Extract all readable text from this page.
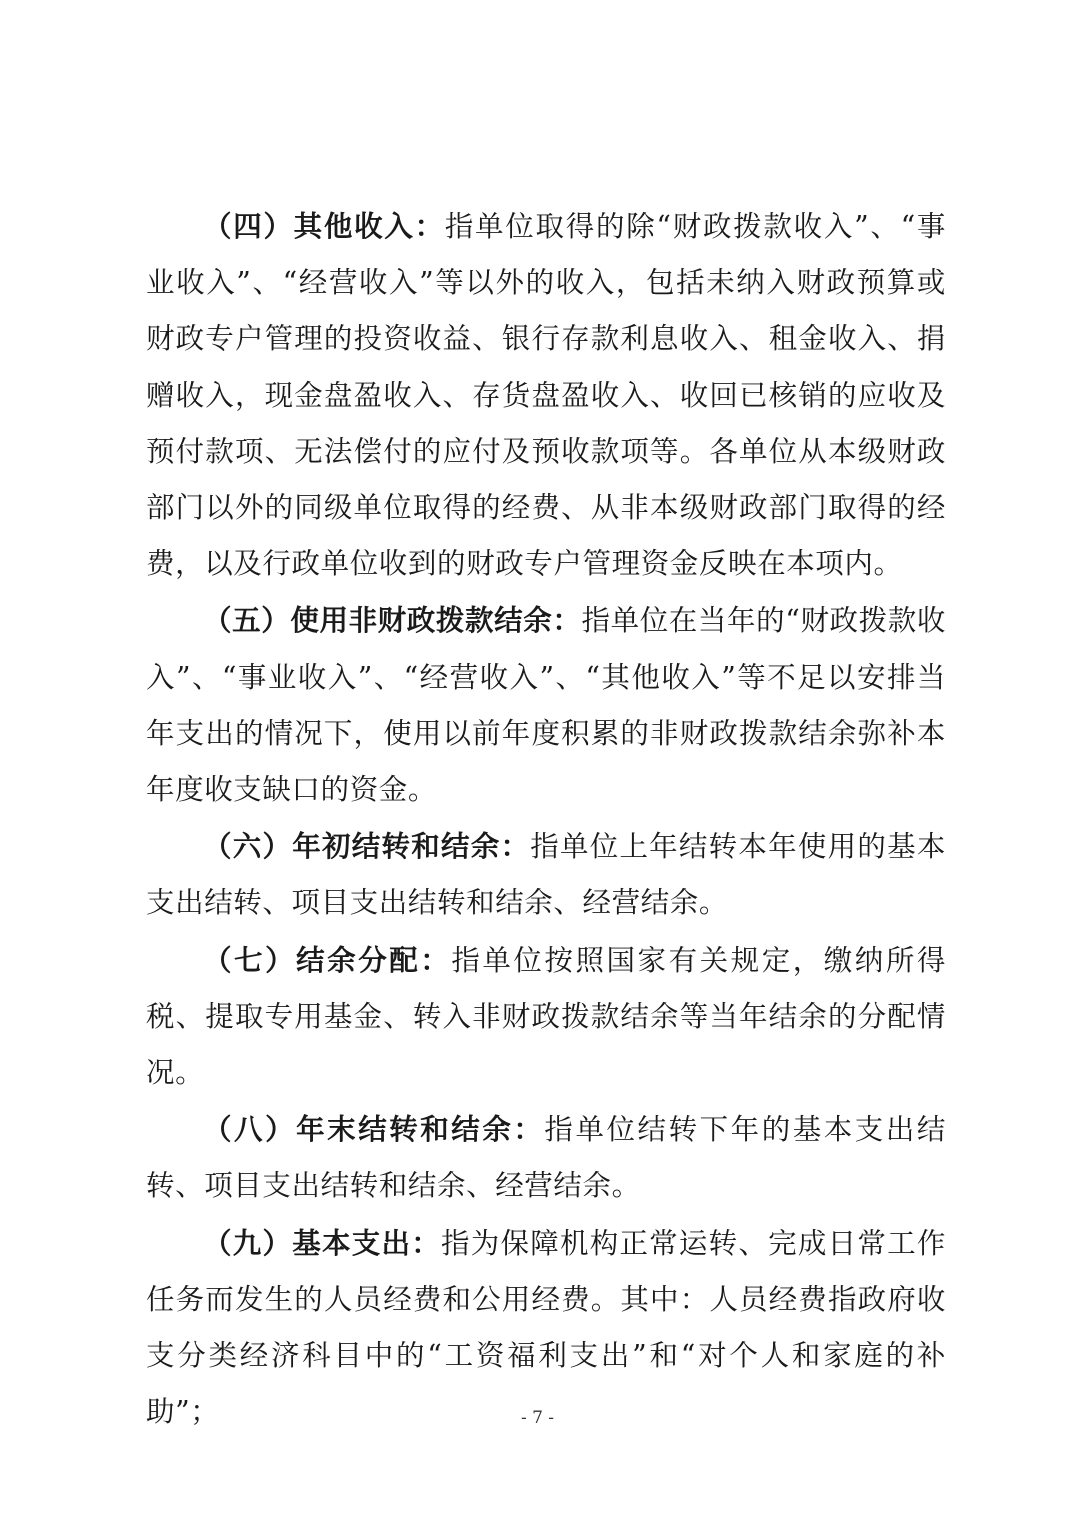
（四）其他收入：指单位取得的除“财政拨款收入”、“事业收入”、“经营收入”等以外的收入，包括未纳入财政预算或财政专户管理的投资收益、银行存款利息收入、租金收入、捐赠收入，现金盘盈收入、存货盘盈收入、收回已核销的应收及预付款项、无法偿付的应付及预收款项等。各单位从本级财政部门以外的同级单位取得的经费、从非本级财政部门取得的经费，以及行政单位收到的财政专户管理资金反映在本项内。

（五）使用非财政拨款结余：指单位在当年的“财政拨款收入”、“事业收入”、“经营收入”、“其他收入”等不足以安排当年支出的情况下，使用以前年度积累的非财政拨款结余弥补本年度收支缺口的资金。

（六）年初结转和结余：指单位上年结转本年使用的基本支出结转、项目支出结转和结余、经营结余。

（七）结余分配：指单位按照国家有关规定，缴纳所得税、提取专用基金、转入非财政拨款结余等当年结余的分配情况。

（八）年末结转和结余：指单位结转下年的基本支出结转、项目支出结转和结余、经营结余。

（九）基本支出：指为保障机构正常运转、完成日常工作任务而发生的人员经费和公用经费。其中：人员经费指政府收支分类经济科目中的“工资福利支出”和“对个人和家庭的补助”；	- 7 -
